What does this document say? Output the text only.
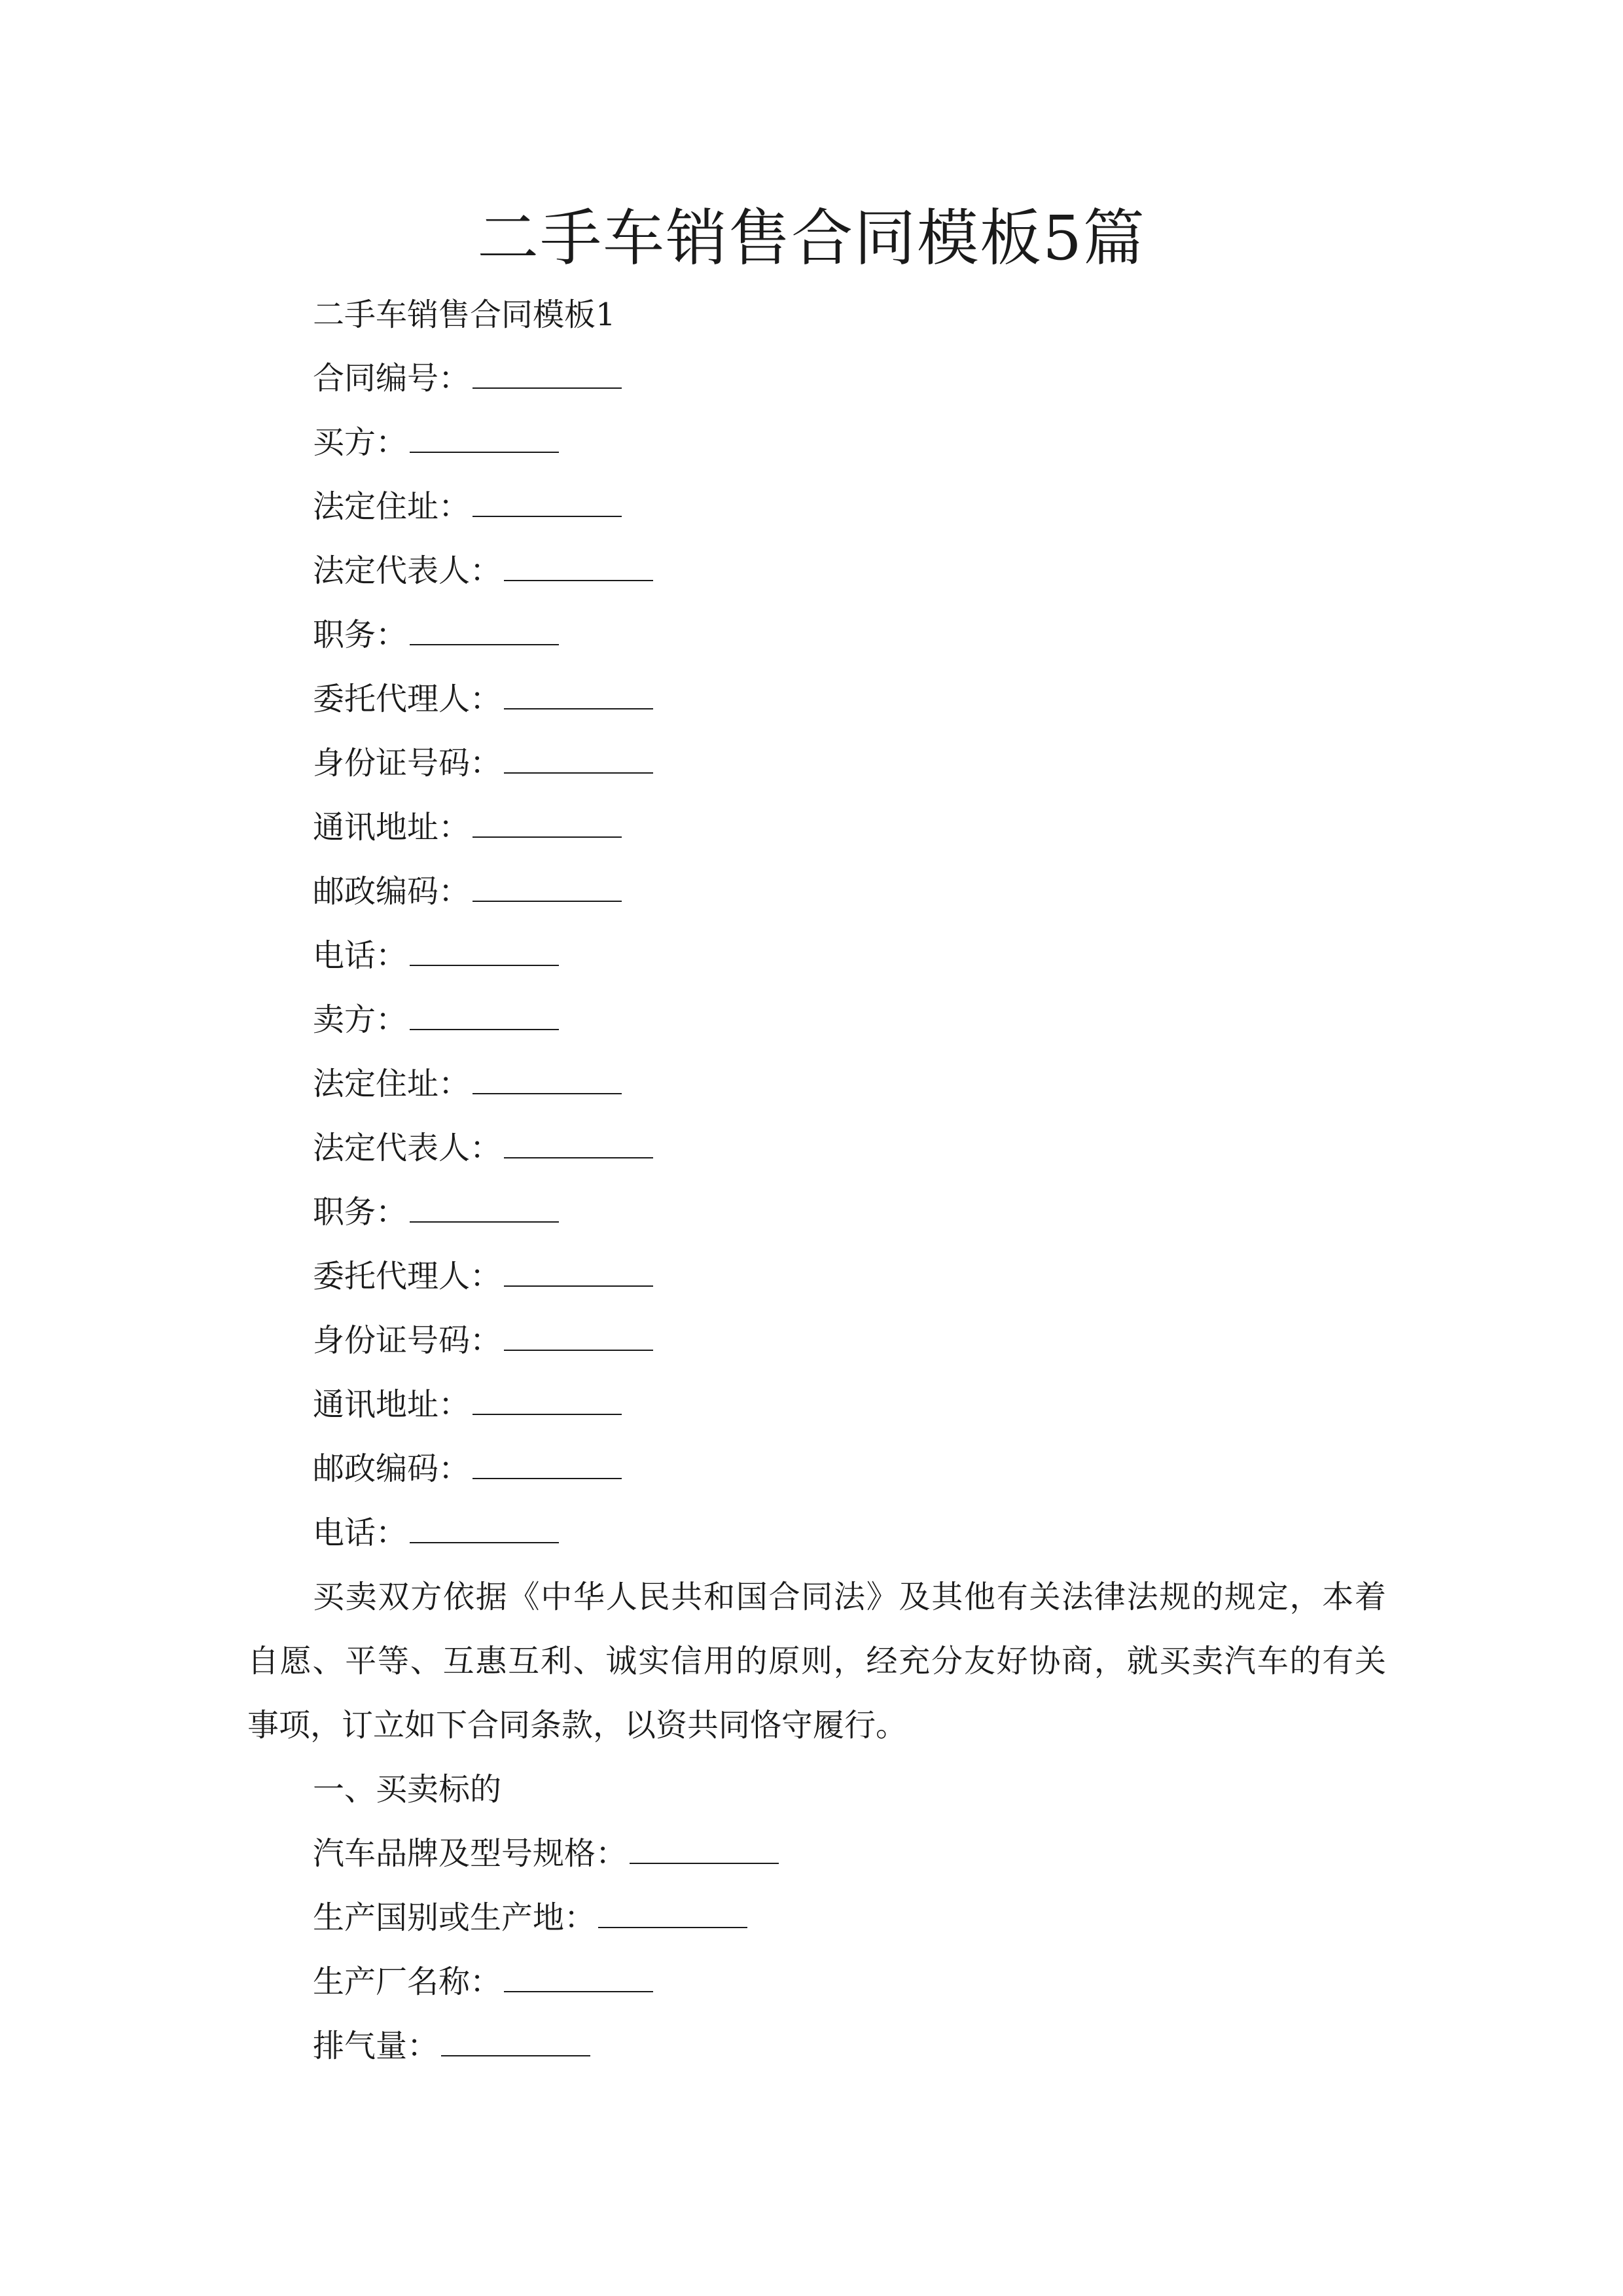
二手车销售合同模板5篇
二手车销售合同模板1
合同编号：
买方：
法定住址：
法定代表人：
职务：
委托代理人：
身份证号码：
通讯地址：
邮政编码：
电话：
卖方：
法定住址：
法定代表人：
职务：
委托代理人：
身份证号码：
通讯地址：
邮政编码：
电话：
买卖双方依据《中华人民共和国合同法》及其他有关法律法规的规定，本着
自愿、平等、互惠互利、诚实信用的原则，经充分友好协商，就买卖汽车的有关
事项，订立如下合同条款，以资共同恪守履行。
一、买卖标的
汽车品牌及型号规格：
生产国别或生产地：
生产厂名称：
排气量：
